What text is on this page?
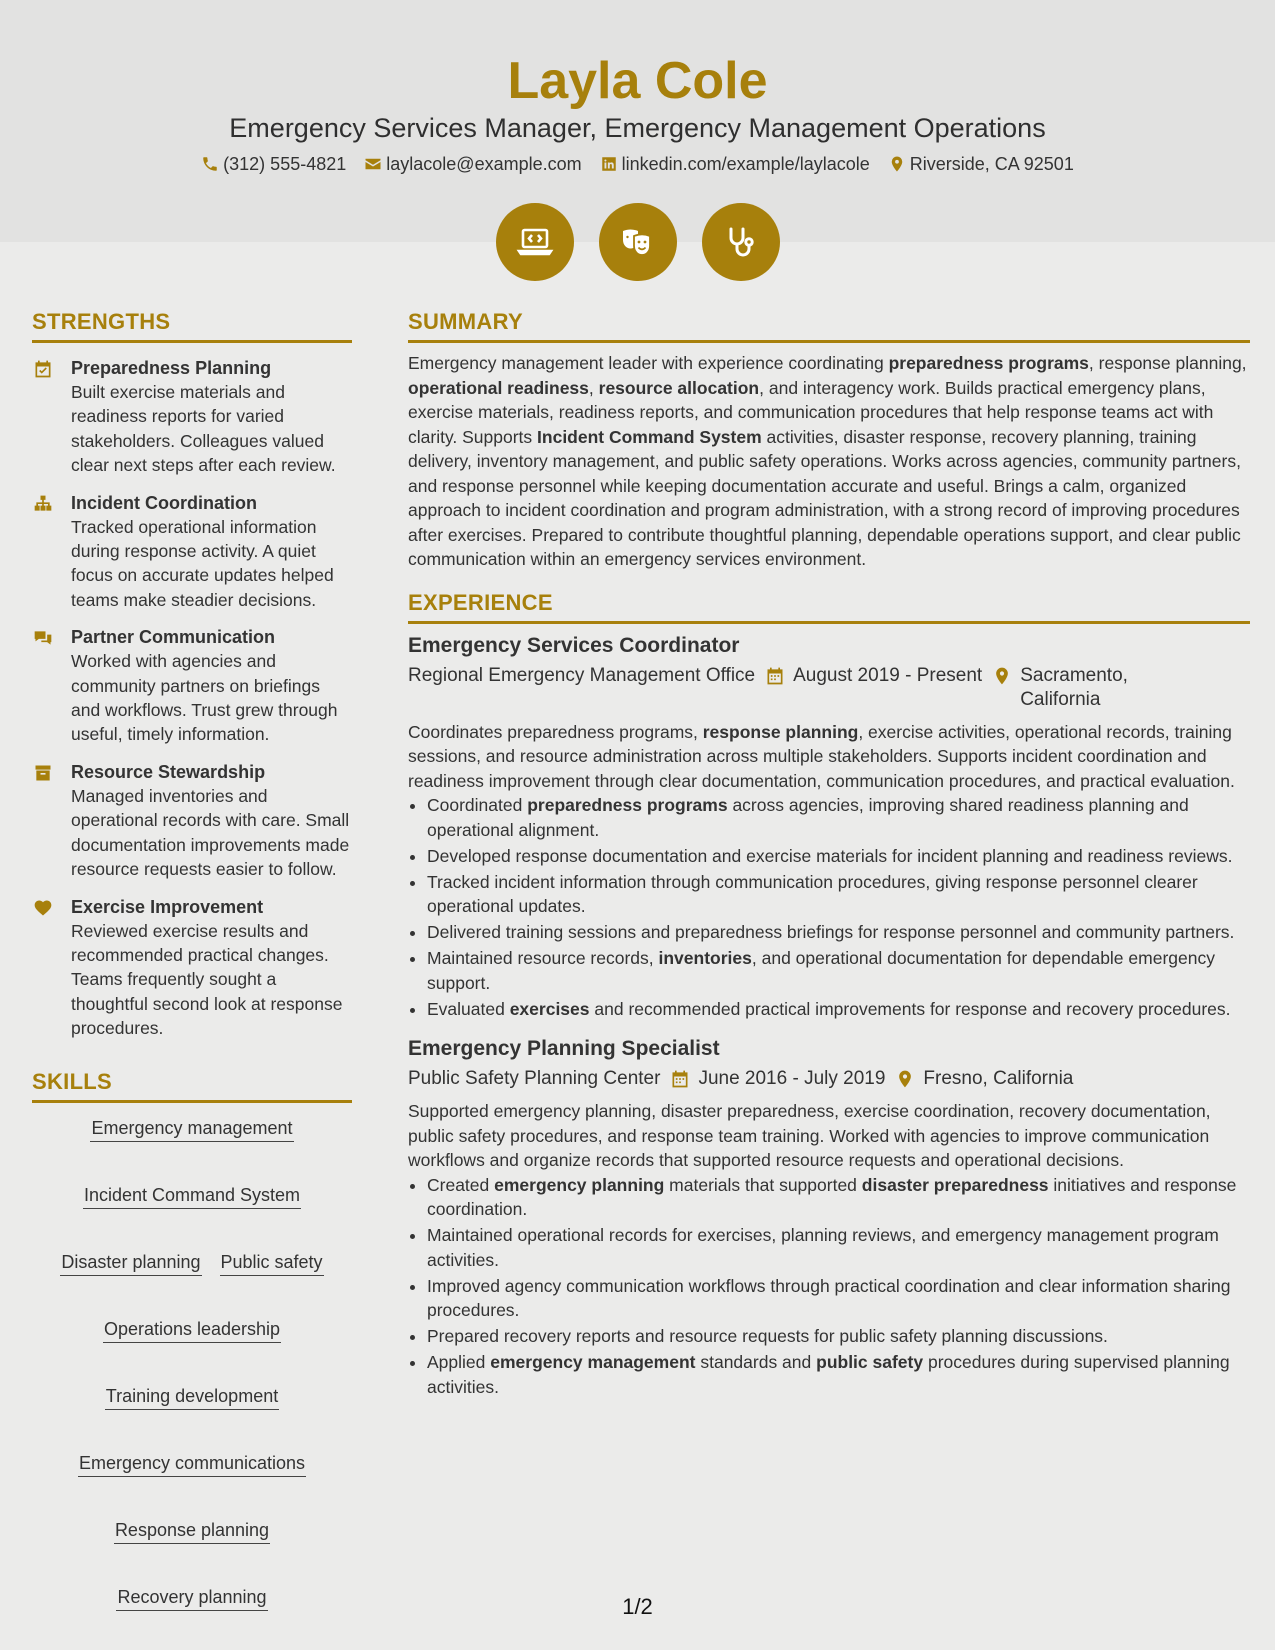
Layla Cole
Emergency Services Manager, Emergency Management Operations
(312) 555-4821 laylacole@example.com linkedin.com/example/laylacole Riverside, CA 92501
STRENGTHS
Preparedness Planning
Built exercise materials and readiness reports for varied stakeholders. Colleagues valued clear next steps after each review.
Incident Coordination
Tracked operational information during response activity. A quiet focus on accurate updates helped teams make steadier decisions.
Partner Communication
Worked with agencies and community partners on briefings and workflows. Trust grew through useful, timely information.
Resource Stewardship
Managed inventories and operational records with care. Small documentation improvements made resource requests easier to follow.
Exercise Improvement
Reviewed exercise results and recommended practical changes. Teams frequently sought a thoughtful second look at response procedures.
SKILLS
Emergency management
Incident Command System
Disaster planning Public safety
Operations leadership
Training development
Emergency communications
Response planning
Recovery planning
SUMMARY

Emergency management leader with experience coordinating preparedness programs, response planning, operational readiness, resource allocation, and interagency work. Builds practical emergency plans, exercise materials, readiness reports, and communication procedures that help response teams act with clarity. Supports Incident Command System activities, disaster response, recovery planning, training delivery, inventory management, and public safety operations. Works across agencies, community partners, and response personnel while keeping documentation accurate and useful. Brings a calm, organized approach to incident coordination and program administration, with a strong record of improving procedures after exercises. Prepared to contribute thoughtful planning, dependable operations support, and clear public communication within an emergency services environment.

EXPERIENCE
Emergency Services Coordinator
Regional Emergency Management Office August 2019 - Present Sacramento, California
Coordinates preparedness programs, response planning, exercise activities, operational records, training sessions, and resource administration across multiple stakeholders. Supports incident coordination and readiness improvement through clear documentation, communication procedures, and practical evaluation.
• Coordinated preparedness programs across agencies, improving shared readiness planning and operational alignment.
• Developed response documentation and exercise materials for incident planning and readiness reviews.
• Tracked incident information through communication procedures, giving response personnel clearer operational updates.
• Delivered training sessions and preparedness briefings for response personnel and community partners.
• Maintained resource records, inventories, and operational documentation for dependable emergency support.
• Evaluated exercises and recommended practical improvements for response and recovery procedures.
Emergency Planning Specialist
Public Safety Planning Center June 2016 - July 2019 Fresno, California
Supported emergency planning, disaster preparedness, exercise coordination, recovery documentation, public safety procedures, and response team training. Worked with agencies to improve communication workflows and organize records that supported resource requests and operational decisions.
• Created emergency planning materials that supported disaster preparedness initiatives and response coordination.
• Maintained operational records for exercises, planning reviews, and emergency management program activities.
• Improved agency communication workflows through practical coordination and clear information sharing procedures.
• Prepared recovery reports and resource requests for public safety planning discussions.
• Applied emergency management standards and public safety procedures during supervised planning activities.
1/2
